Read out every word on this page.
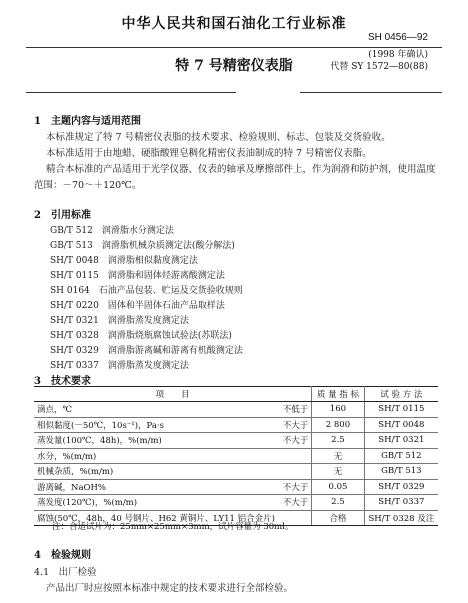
中华人民共和国石油化工行业标准
SH 0456—92
特 7 号精密仪表脂
(1998 年确认)
代替 SY 1572—80(88)
1　主题内容与适用范围
本标准规定了特 7 号精密仪表脂的技术要求、检验规则、标志、包装及交货验收。
本标准适用于由地蜡、硬脂酸锂皂稠化精密仪表油制成的特 7 号精密仪表脂。
精合本标准的产品适用于光学仪器、仪表的轴承及摩擦部件上，作为润滑和防护剂，使用温度
范围：－70～＋120℃。
2　引用标准
GB/T 512　润滑脂水分测定法
GB/T 513　润滑脂机械杂质测定法(酸分解法)
SH/T 0048　润滑脂相似黏度测定法
SH/T 0115　润滑脂和固体烃游离酸测定法
SH 0164　石油产品包装、贮运及交货验收规则
SH/T 0220　固体和半固体石油产品取样法
SH/T 0321　润滑脂蒸发度测定法
SH/T 0328　润滑脂烧瓶腐蚀试验法(苏联法)
SH/T 0329　润滑脂游离碱和游离有机酸测定法
SH/T 0337　润滑脂蒸发度测定法
3　技术要求
项　　目		质 量 指 标	试 验 方 法
滴点，℃	不低于	160	SH/T 0115
相似黏度(－50℃，10s⁻¹)，Pa·s	不大于	2 800	SH/T 0048
蒸发量(100℃，48h)，%(m/m)	不大于	2.5	SH/T 0321
水分，%(m/m)		无	GB/T 512
机械杂质，%(m/m)		无	GB/T 513
游离碱，NaOH%	不大于	0.05	SH/T 0329
蒸发度(120℃)，%(m/m)	不大于	2.5	SH/T 0337
腐蚀(50℃，48h，40 号钢片、H62 黄铜片、LY11 铝合金片)		合格	SH/T 0328 及注
注：合适试片为：25mm×25mm×3mm，试片容量为 30ml。
4　检验规则
4.1　出厂检验
产品出厂时应按照本标准中规定的技术要求进行全部检验。
